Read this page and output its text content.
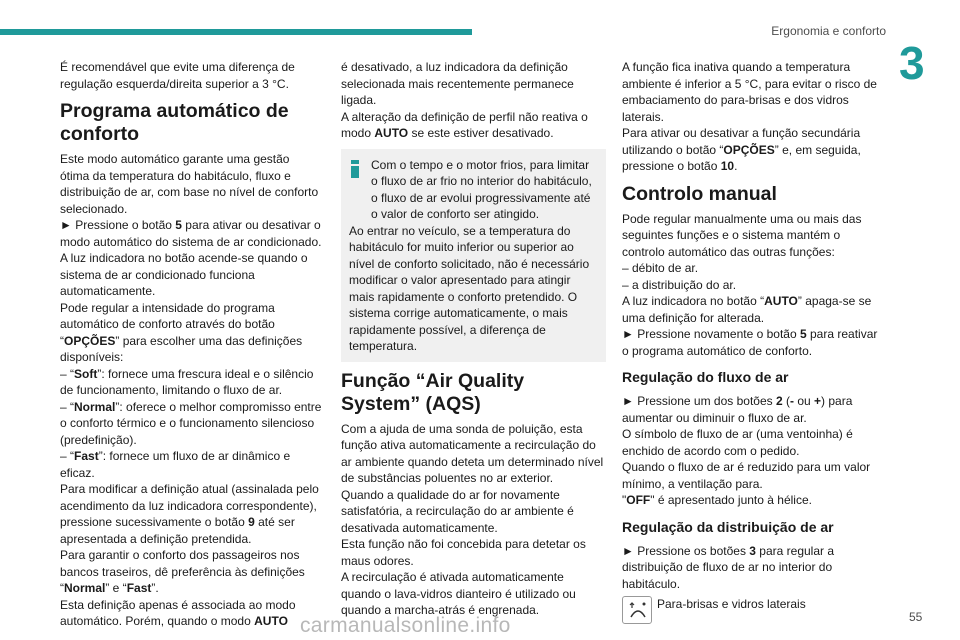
Ergonomia e conforto
3

É recomendável que evite uma diferença de regulação esquerda/direita superior a 3 °C.

Programa automático de conforto

Este modo automático garante uma gestão ótima da temperatura do habitáculo, fluxo e distribuição de ar, com base no nível de conforto selecionado.

► Pressione o botão 5 para ativar ou desativar o modo automático do sistema de ar condicionado.

A luz indicadora no botão acende-se quando o sistema de ar condicionado funciona automaticamente.

Pode regular a intensidade do programa automático de conforto através do botão “OPÇÕES” para escolher uma das definições disponíveis:

– “Soft”: fornece uma frescura ideal e o silêncio de funcionamento, limitando o fluxo de ar.

– “Normal”: oferece o melhor compromisso entre o conforto térmico e o funcionamento silencioso (predefinição).

– “Fast”: fornece um fluxo de ar dinâmico e eficaz.

Para modificar a definição atual (assinalada pelo acendimento da luz indicadora correspondente), pressione sucessivamente o botão 9 até ser apresentada a definição pretendida.

Para garantir o conforto dos passageiros nos bancos traseiros, dê preferência às definições “Normal” e “Fast”.

Esta definição apenas é associada ao modo automático. Porém, quando o modo AUTO

é desativado, a luz indicadora da definição selecionada mais recentemente permanece ligada.

A alteração da definição de perfil não reativa o modo AUTO se este estiver desativado.

Com o tempo e o motor frios, para limitar o fluxo de ar frio no interior do habitáculo, o fluxo de ar evolui progressivamente até o valor de conforto ser atingido.

Ao entrar no veículo, se a temperatura do habitáculo for muito inferior ou superior ao nível de conforto solicitado, não é necessário modificar o valor apresentado para atingir mais rapidamente o conforto pretendido. O sistema corrige automaticamente, o mais rapidamente possível, a diferença de temperatura.

Função “Air Quality System” (AQS)

Com a ajuda de uma sonda de poluição, esta função ativa automaticamente a recirculação do ar ambiente quando deteta um determinado nível de substâncias poluentes no ar exterior.

Quando a qualidade do ar for novamente satisfatória, a recirculação do ar ambiente é desativada automaticamente.

Esta função não foi concebida para detetar os maus odores.

A recirculação é ativada automaticamente quando o lava-vidros dianteiro é utilizado ou quando a marcha-atrás é engrenada.

A função fica inativa quando a temperatura ambiente é inferior a 5 °C, para evitar o risco de embaciamento do para-brisas e dos vidros laterais.

Para ativar ou desativar a função secundária utilizando o botão “OPÇÕES” e, em seguida, pressione o botão 10.

Controlo manual

Pode regular manualmente uma ou mais das seguintes funções e o sistema mantém o controlo automático das outras funções:

– débito de ar.

– a distribuição do ar.

A luz indicadora no botão “AUTO” apaga-se se uma definição for alterada.

► Pressione novamente o botão 5 para reativar o programa automático de conforto.

Regulação do fluxo de ar

► Pressione um dos botões 2 (- ou +) para aumentar ou diminuir o fluxo de ar.

O símbolo de fluxo de ar (uma ventoinha) é enchido de acordo com o pedido.

Quando o fluxo de ar é reduzido para um valor mínimo, a ventilação para.

"OFF" é apresentado junto à hélice.

Regulação da distribuição de ar

► Pressione os botões 3 para regular a distribuição de fluxo de ar no interior do habitáculo.

Para-brisas e vidros laterais
carmanualsonline.info	55
